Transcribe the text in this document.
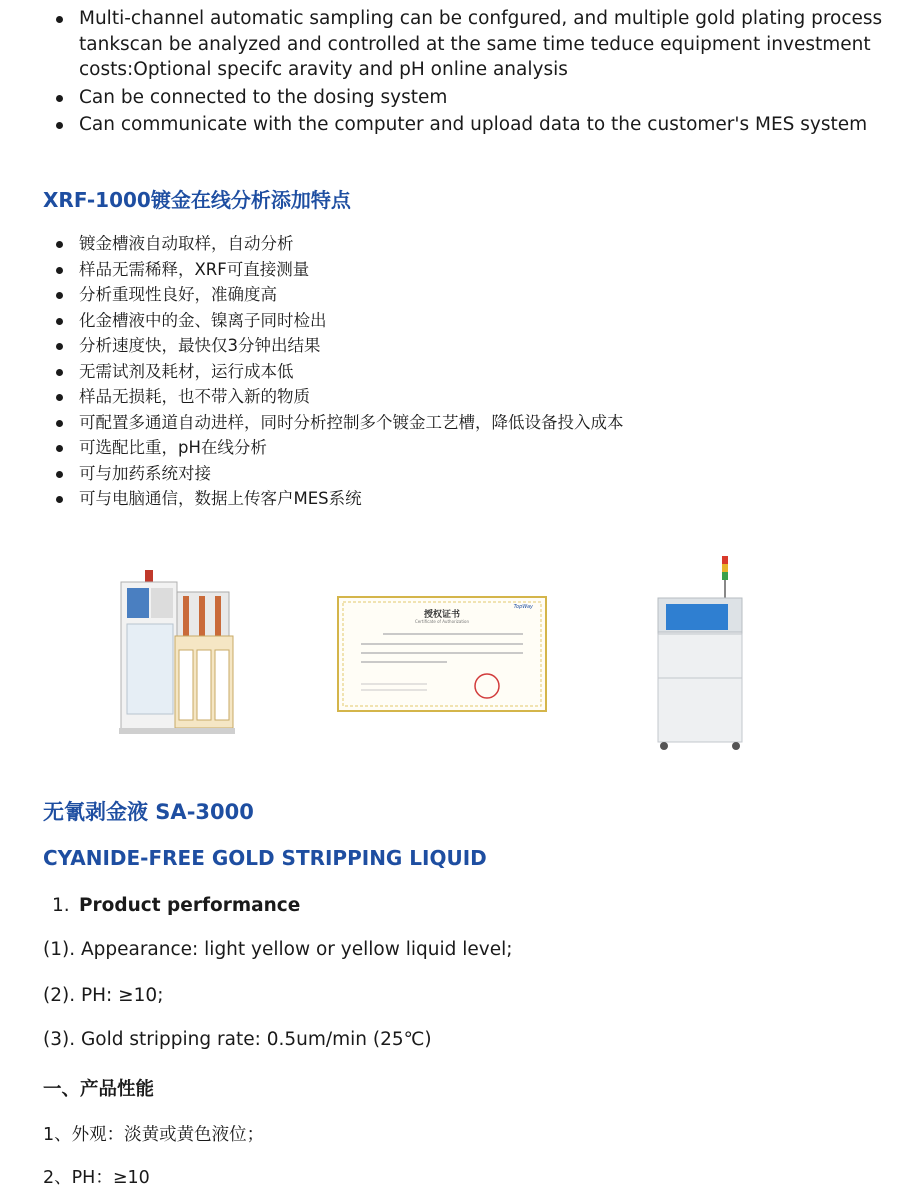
Multi-channel automatic sampling can be confgured, and multiple gold plating process tankscan be analyzed and controlled at the same time teduce equipment investment costs:Optional specifc aravity and pH online analysis
Can be connected to the dosing system
Can communicate with the computer and upload data to the customer's MES system
XRF-1000镀金在线分析添加特点
镀金槽液自动取样，自动分析
样品无需稀释，XRF可直接测量
分析重现性良好，准确度高
化金槽液中的金、镍离子同时检出
分析速度快，最快仅3分钟出结果
无需试剂及耗材，运行成本低
样品无损耗，也不带入新的物质
可配置多通道自动进样，同时分析控制多个镀金工艺槽，降低设备投入成本
可选配比重，pH在线分析
可与加药系统对接
可与电脑通信，数据上传客户MES系统
授权证书
Certificate of Authorization
TopWay
无氰剥金液 SA-3000
CYANIDE-FREE GOLD STRIPPING LIQUID
1. Product performance

(1). Appearance: light yellow or yellow liquid level;

(2). PH: ≥10;

(3). Gold stripping rate: 0.5um/min (25℃)

一、产品性能

1、外观：淡黄或黄色液位；

2、PH：≥10
